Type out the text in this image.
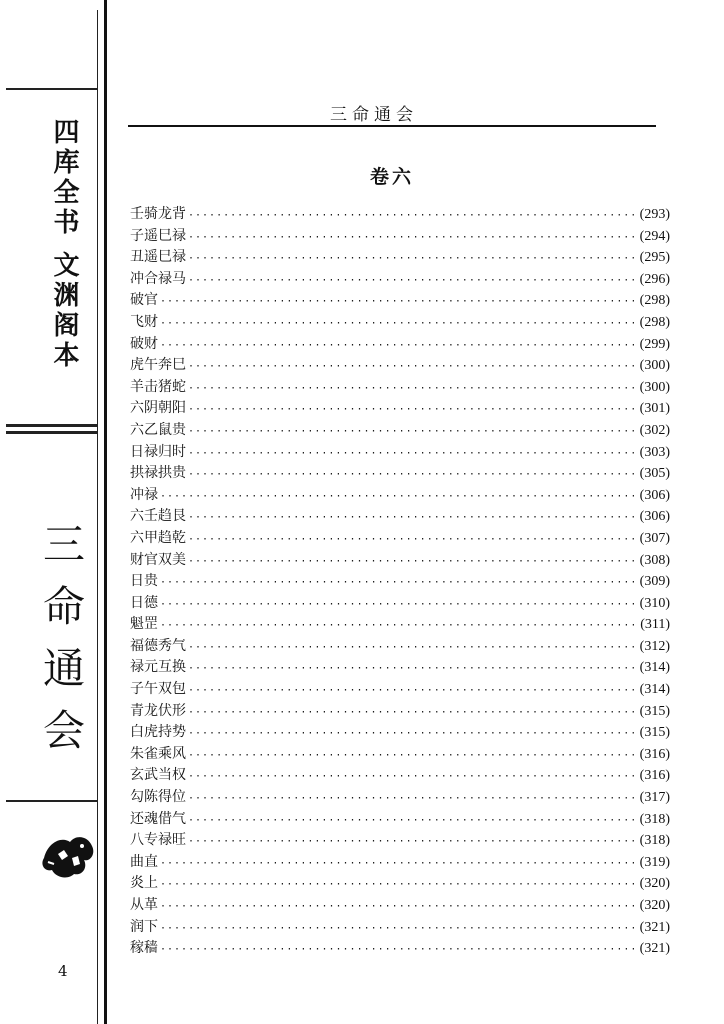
四库全书 文渊阁本
三命通会
4
三命通会
卷六
壬骑龙背 ·····	(293)
子遥巳禄 ·····	(294)
丑遥巳禄 ·····	(295)
冲合禄马 ·····	(296)
破官 ·····	(298)
飞财 ·····	(298)
破财 ·····	(299)
虎午奔巳 ·····	(300)
羊击猪蛇 ·····	(300)
六阴朝阳 ·····	(301)
六乙鼠贵 ·····	(302)
日禄归时 ·····	(303)
拱禄拱贵 ·····	(305)
冲禄 ·····	(306)
六壬趋艮 ·····	(306)
六甲趋乾 ·····	(307)
财官双美 ·····	(308)
日贵 ·····	(309)
日德 ·····	(310)
魁罡 ·····	(311)
福德秀气 ·····	(312)
禄元互换 ·····	(314)
子午双包 ·····	(314)
青龙伏形 ·····	(315)
白虎持势 ·····	(315)
朱雀乘风 ·····	(316)
玄武当权 ·····	(316)
勾陈得位 ·····	(317)
还魂借气 ·····	(318)
八专禄旺 ·····	(318)
曲直 ·····	(319)
炎上 ·····	(320)
从革 ·····	(320)
润下 ·····	(321)
稼穑 ·····	(321)
